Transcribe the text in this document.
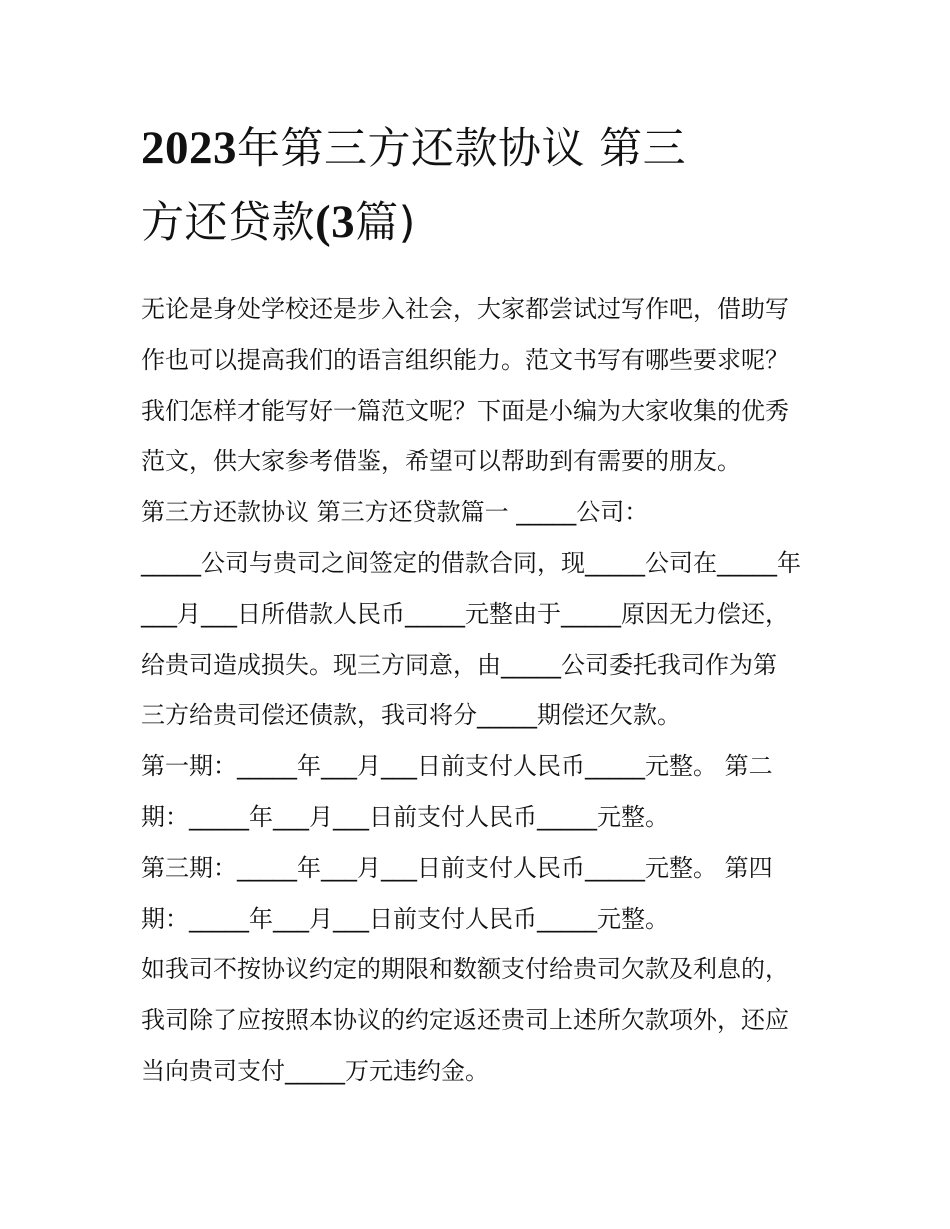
2023年第三方还款协议 第三
方还贷款(3篇)
无论是身处学校还是步入社会，大家都尝试过写作吧，借助写
作也可以提高我们的语言组织能力。范文书写有哪些要求呢？
我们怎样才能写好一篇范文呢？下面是小编为大家收集的优秀
范文，供大家参考借鉴，希望可以帮助到有需要的朋友。
第三方还款协议 第三方还贷款篇一 _____公司：
_____公司与贵司之间签定的借款合同，现_____公司在_____年
___月___日所借款人民币_____元整由于_____原因无力偿还，
给贵司造成损失。现三方同意，由_____公司委托我司作为第
三方给贵司偿还债款，我司将分_____期偿还欠款。
第一期：_____年___月___日前支付人民币_____元整。 第二
期：_____年___月___日前支付人民币_____元整。
第三期：_____年___月___日前支付人民币_____元整。 第四
期：_____年___月___日前支付人民币_____元整。
如我司不按协议约定的期限和数额支付给贵司欠款及利息的，
我司除了应按照本协议的约定返还贵司上述所欠款项外，还应
当向贵司支付_____万元违约金。
